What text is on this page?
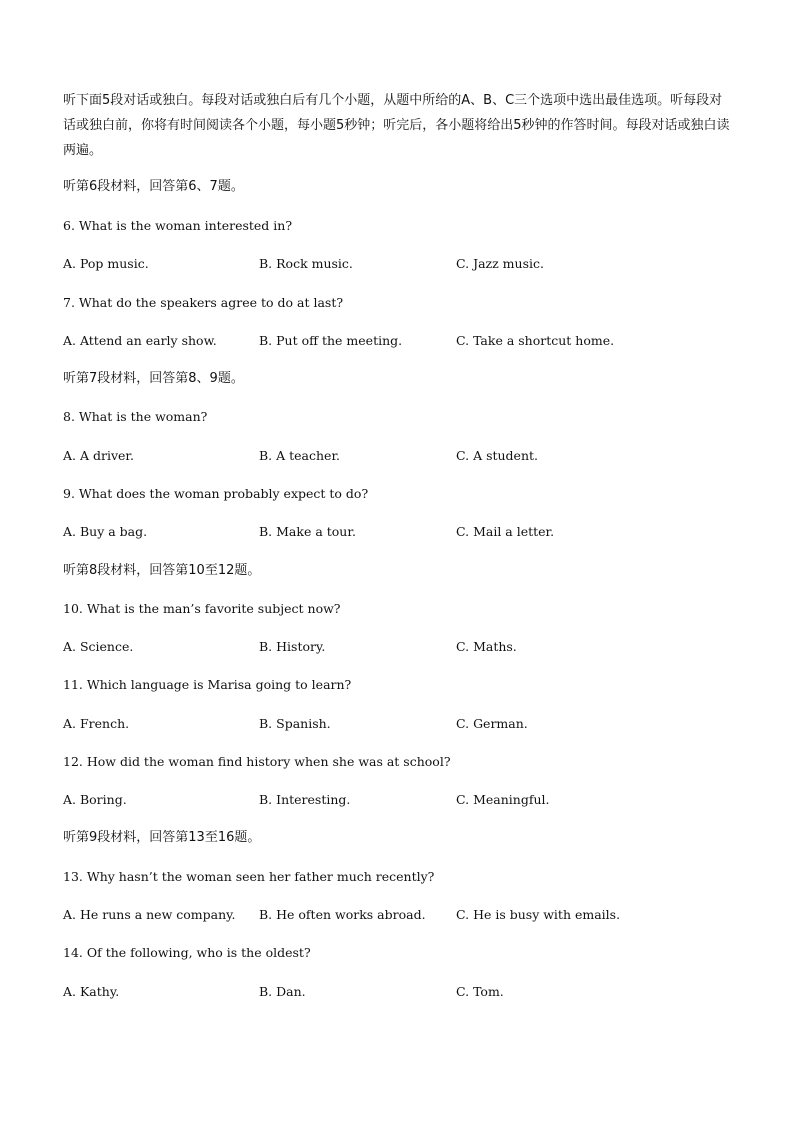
听下面5段对话或独白。每段对话或独白后有几个小题，从题中所给的A、B、C三个选项中选出最佳选项。听每段对话或独白前，你将有时间阅读各个小题，每小题5秒钟；听完后，各小题将给出5秒钟的作答时间。每段对话或独白读两遍。

听第6段材料，回答第6、7题。
6. What is the woman interested in?
A. Pop music.	B. Rock music.	C. Jazz music.
7. What do the speakers agree to do at last?
A. Attend an early show.	B. Put off the meeting.	C. Take a shortcut home.
听第7段材料，回答第8、9题。
8. What is the woman?
A. A driver.	B. A teacher.	C. A student.
9. What does the woman probably expect to do?
A. Buy a bag.	B. Make a tour.	C. Mail a letter.
听第8段材料，回答第10至12题。
10. What is the man’s favorite subject now?
A. Science.	B. History.	C. Maths.
11. Which language is Marisa going to learn?
A. French.	B. Spanish.	C. German.
12. How did the woman find history when she was at school?
A. Boring.	B. Interesting.	C. Meaningful.
听第9段材料，回答第13至16题。
13. Why hasn’t the woman seen her father much recently?
A. He runs a new company. B. He often works abroad. C. He is busy with emails.
14. Of the following, who is the oldest?
A. Kathy.	B. Dan.	C. Tom.
